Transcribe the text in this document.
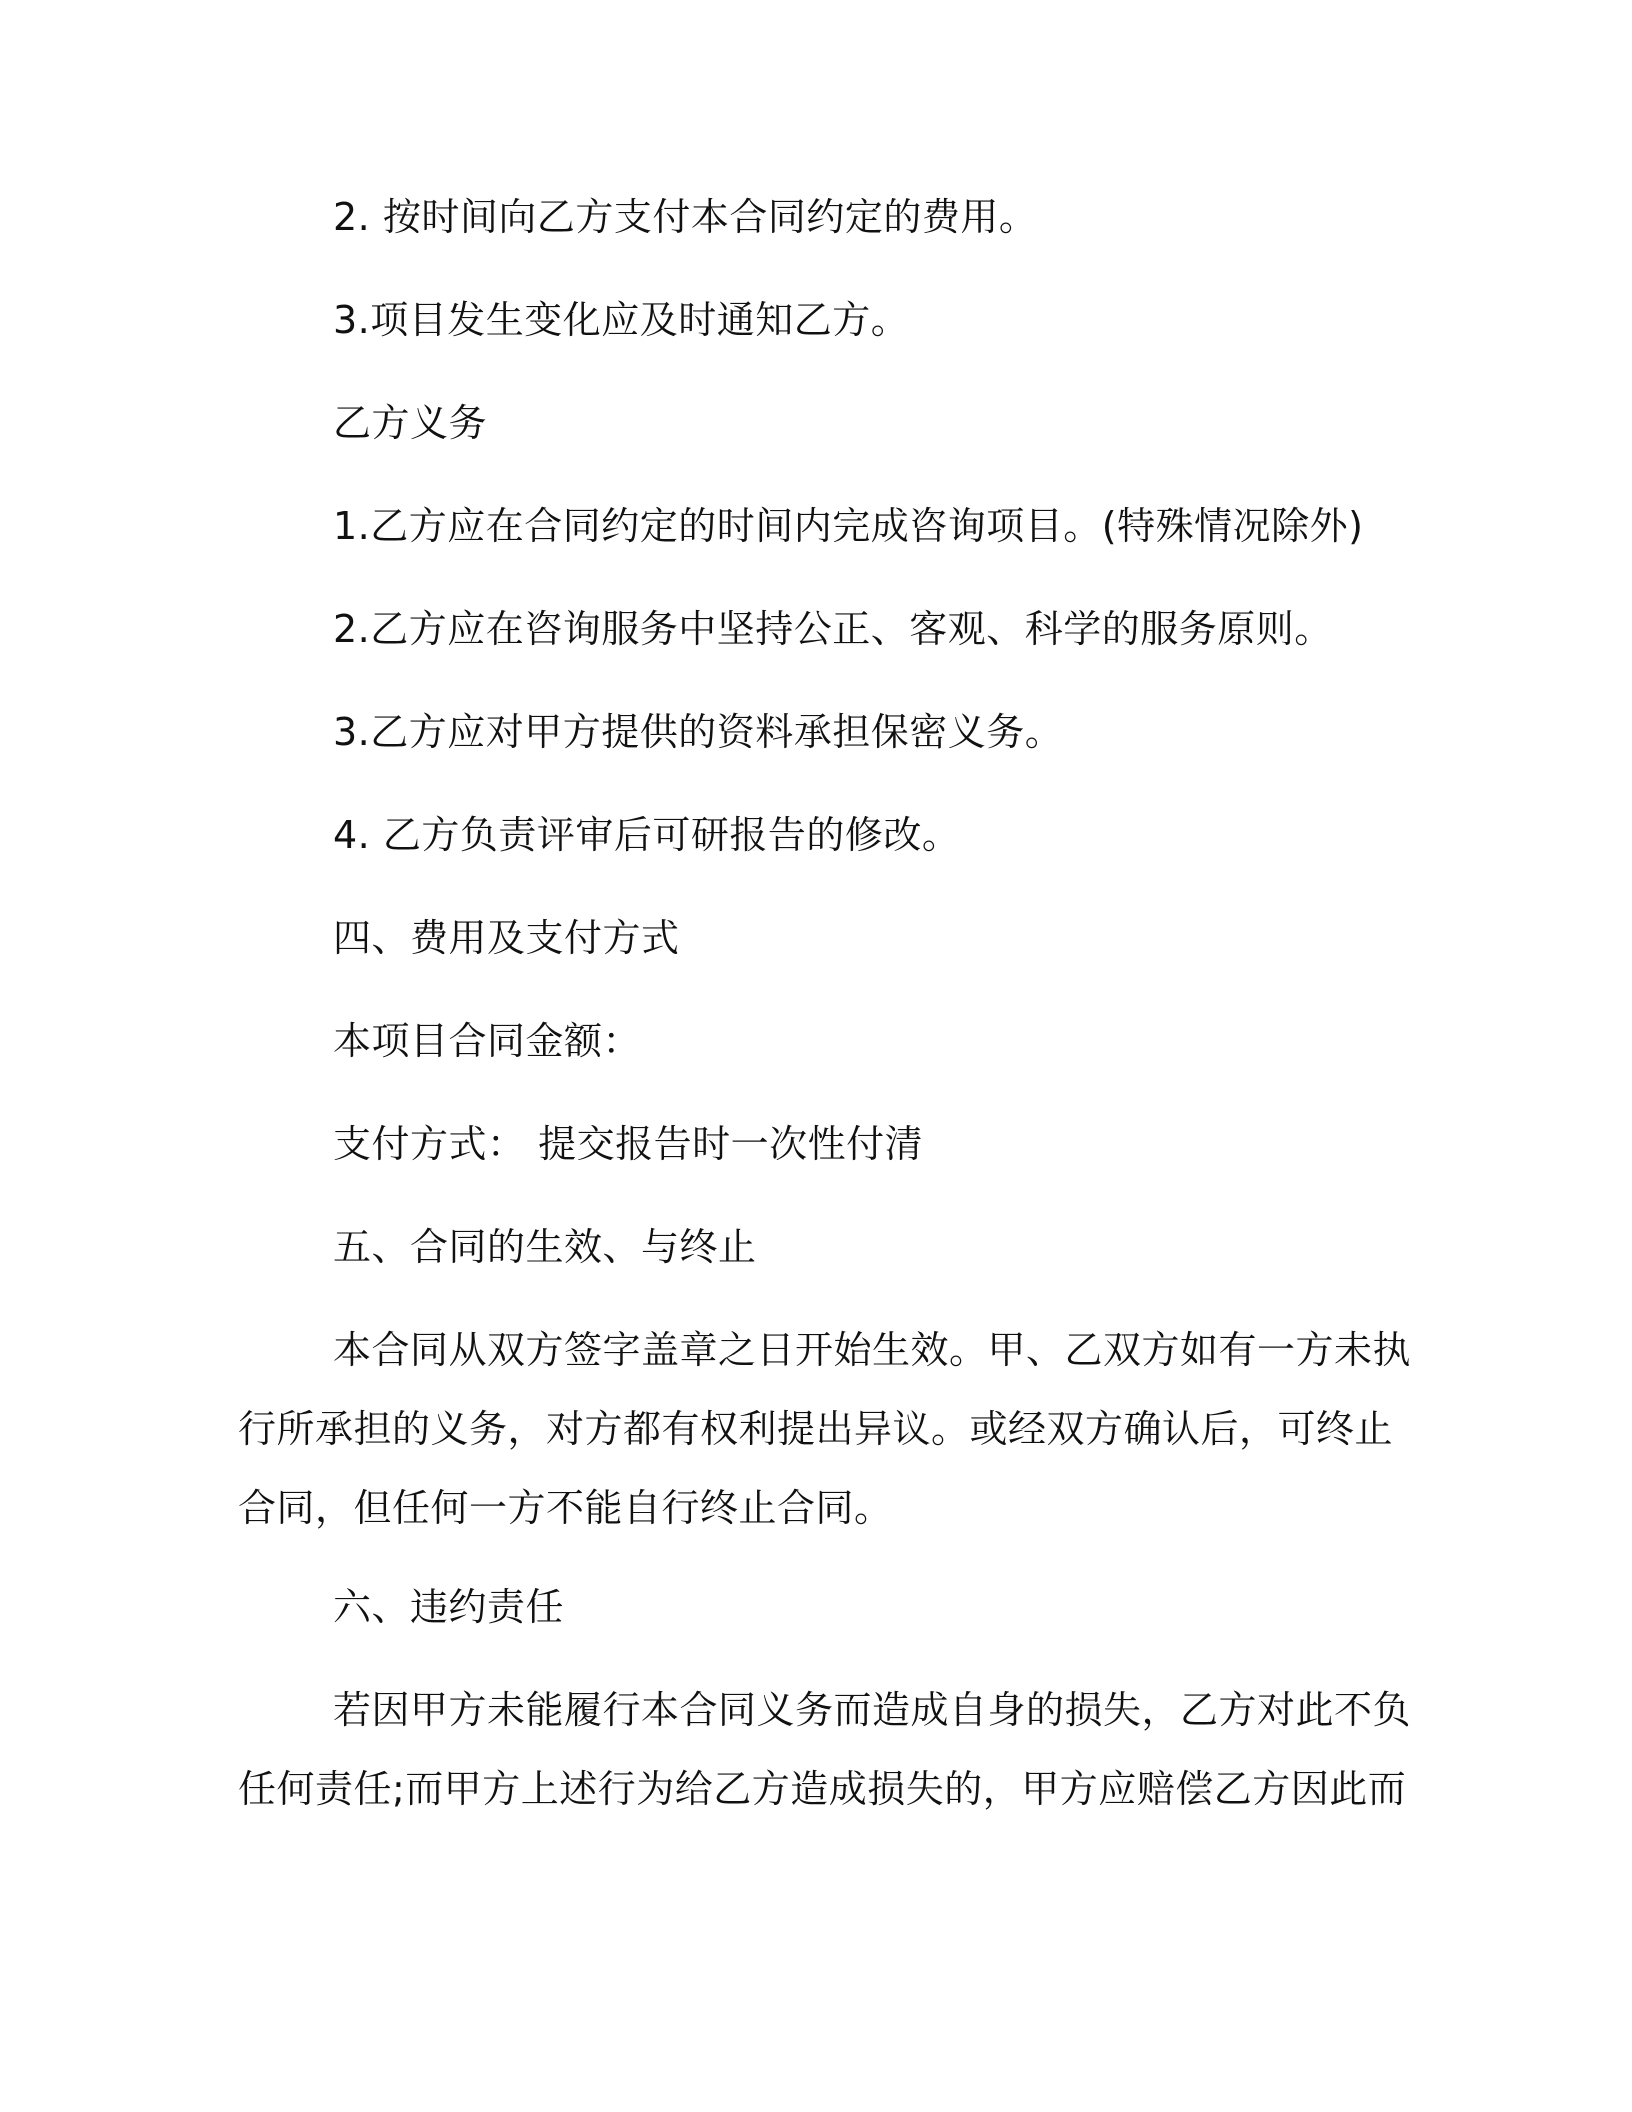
2. 按时间向乙方支付本合同约定的费用。
3.项目发生变化应及时通知乙方。
乙方义务
1.乙方应在合同约定的时间内完成咨询项目。(特殊情况除外)
2.乙方应在咨询服务中坚持公正、客观、科学的服务原则。
3.乙方应对甲方提供的资料承担保密义务。
4. 乙方负责评审后可研报告的修改。
四、费用及支付方式
本项目合同金额：
支付方式： 提交报告时一次性付清
五、合同的生效、与终止
本合同从双方签字盖章之日开始生效。甲、乙双方如有一方未执
行所承担的义务，对方都有权利提出异议。或经双方确认后，可终止
合同，但任何一方不能自行终止合同。
六、违约责任
若因甲方未能履行本合同义务而造成自身的损失，乙方对此不负
任何责任;而甲方上述行为给乙方造成损失的，甲方应赔偿乙方因此而
